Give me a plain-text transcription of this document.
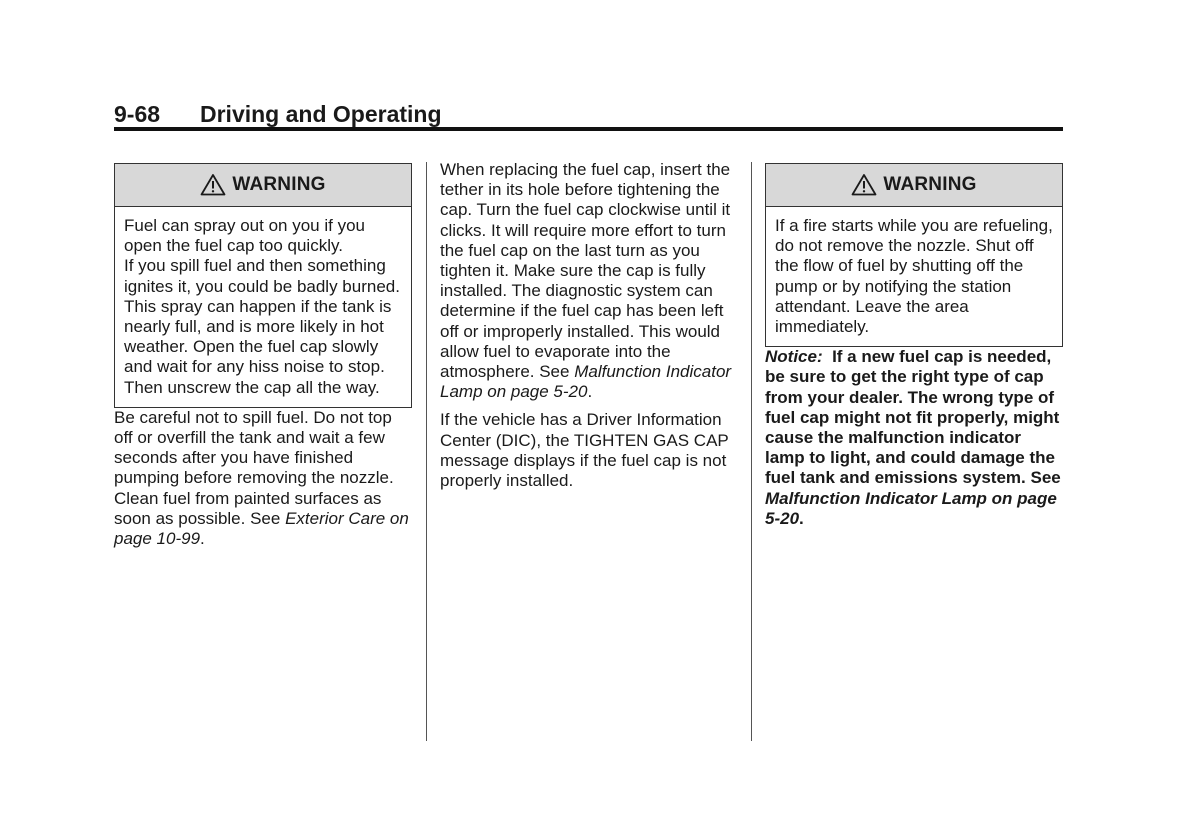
9-68 Driving and Operating
WARNING

Fuel can spray out on you if you open the fuel cap too quickly.

If you spill fuel and then something ignites it, you could be badly burned. This spray can happen if the tank is nearly full, and is more likely in hot weather. Open the fuel cap slowly and wait for any hiss noise to stop. Then unscrew the cap all the way.

Be careful not to spill fuel. Do not top off or overfill the tank and wait a few seconds after you have finished pumping before removing the nozzle. Clean fuel from painted surfaces as soon as possible. See Exterior Care on page 10-99.

When replacing the fuel cap, insert the tether in its hole before tightening the cap. Turn the fuel cap clockwise until it clicks. It will require more effort to turn the fuel cap on the last turn as you tighten it. Make sure the cap is fully installed. The diagnostic system can determine if the fuel cap has been left off or improperly installed. This would allow fuel to evaporate into the atmosphere. See Malfunction Indicator Lamp on page 5-20.

If the vehicle has a Driver Information Center (DIC), the TIGHTEN GAS CAP message displays if the fuel cap is not properly installed.

WARNING

If a fire starts while you are refueling, do not remove the nozzle. Shut off the flow of fuel by shutting off the pump or by notifying the station attendant. Leave the area immediately.

Notice: If a new fuel cap is needed, be sure to get the right type of cap from your dealer. The wrong type of fuel cap might not fit properly, might cause the malfunction indicator lamp to light, and could damage the fuel tank and emissions system. See Malfunction Indicator Lamp on page 5-20.
